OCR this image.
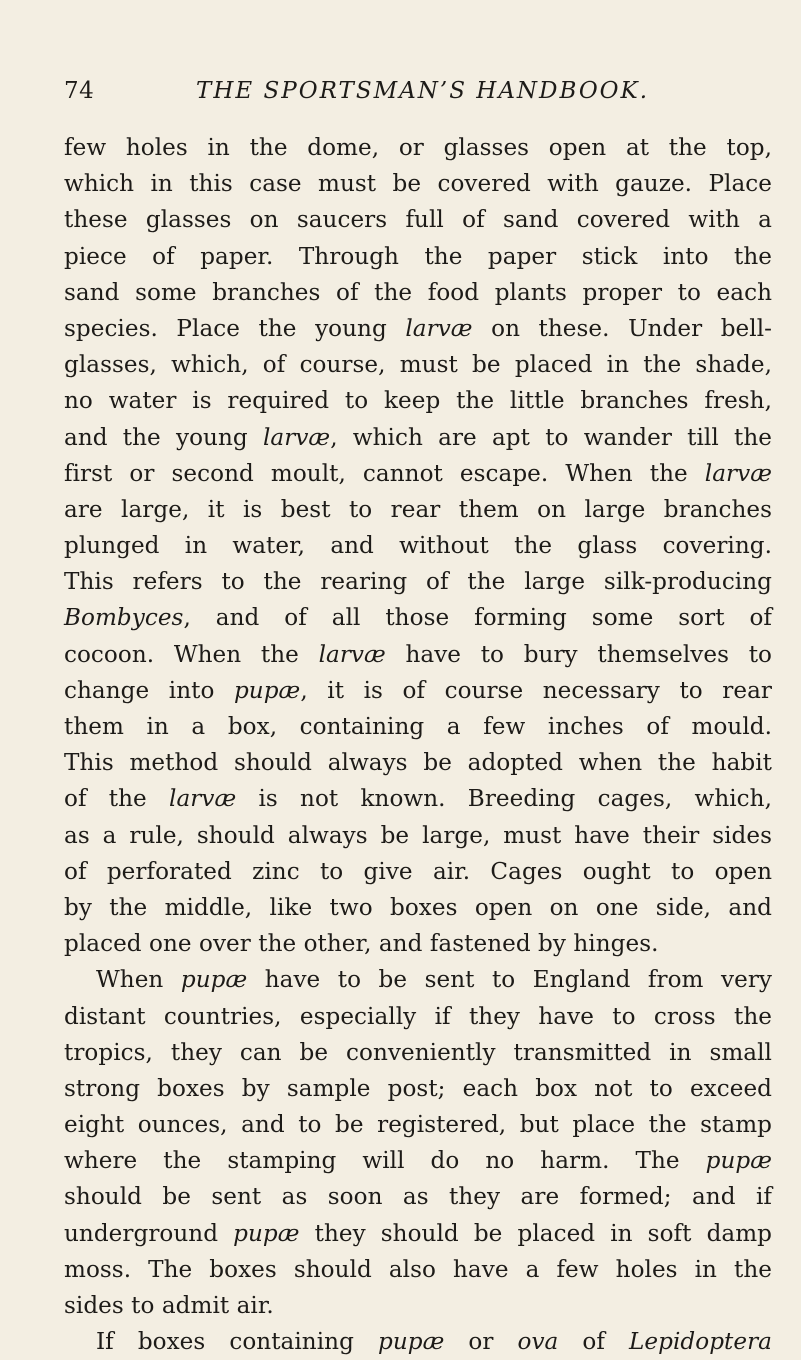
74	THE SPORTSMAN’S HANDBOOK.
few holes in the dome, or glasses open at the top,
which in this case must be covered with gauze. Place
these glasses on saucers full of sand covered with a
piece of paper. Through the paper stick into the
sand some branches of the food plants proper to each
species. Place the young larvæ on these. Under bell-
glasses, which, of course, must be placed in the shade,
no water is required to keep the little branches fresh,
and the young larvæ, which are apt to wander till the
first or second moult, cannot escape. When the larvæ
are large, it is best to rear them on large branches
plunged in water, and without the glass covering.
This refers to the rearing of the large silk-producing
Bombyces, and of all those forming some sort of
cocoon. When the larvæ have to bury themselves to
change into pupæ, it is of course necessary to rear
them in a box, containing a few inches of mould.
This method should always be adopted when the habit
of the larvæ is not known. Breeding cages, which,
as a rule, should always be large, must have their sides
of perforated zinc to give air. Cages ought to open
by the middle, like two boxes open on one side, and
placed one over the other, and fastened by hinges.
When pupæ have to be sent to England from very
distant countries, especially if they have to cross the
tropics, they can be conveniently transmitted in small
strong boxes by sample post; each box not to exceed
eight ounces, and to be registered, but place the stamp
where the stamping will do no harm. The pupæ
should be sent as soon as they are formed; and if
underground pupæ they should be placed in soft damp
moss. The boxes should also have a few holes in the
sides to admit air.
If boxes containing pupæ or ova of Lepidoptera
